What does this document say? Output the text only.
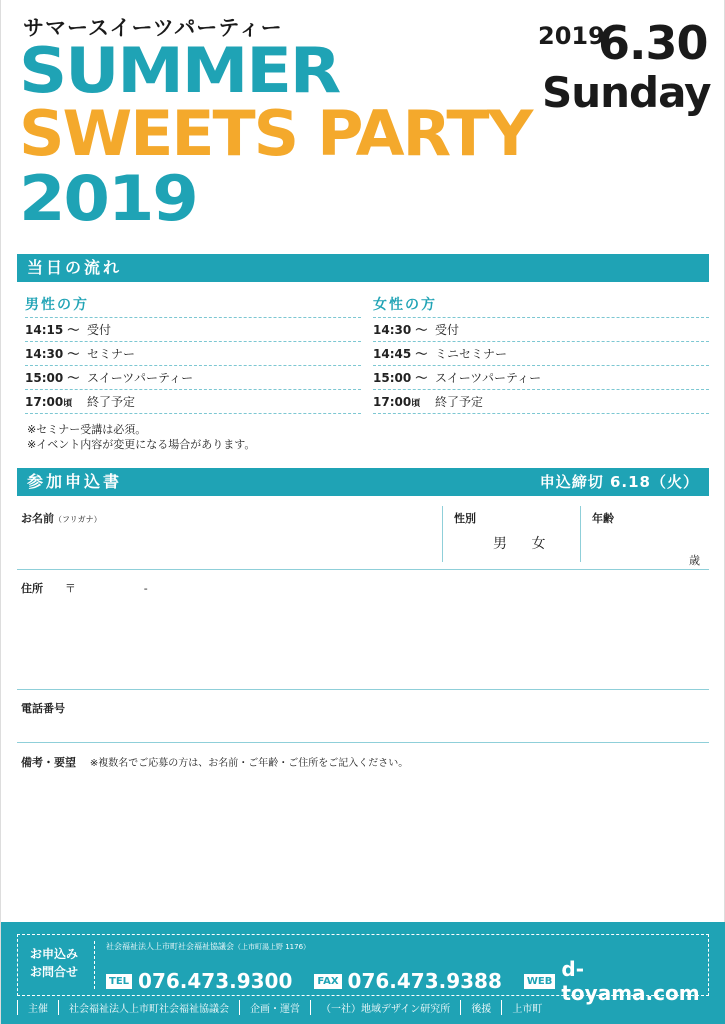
サマースイーツパーティー
SUMMER
SWEETS PARTY
2019
2019
6.30
Sunday
当日の流れ
男性の方
14:15 〜 受付
14:30 〜 セミナー
15:00 〜 スイーツパーティー
17:00頃	終了予定
女性の方
14:30 〜 受付
14:45 〜 ミニセミナー
15:00 〜 スイーツパーティー
17:00頃	終了予定
※セミナー受講は必須。
※イベント内容が変更になる場合があります。
参加申込書	申込締切 6.18（火）
お名前（フリガナ）	性別
男 女
年齢
歳
住所 〒	-
電話番号
備考・要望 ※複数名でご応募の方は、お名前・ご年齢・ご住所をご記入ください。
お申込み
お問合せ
社会福祉法人上市町社会福祉協議会（上市町湯上野 1176）
TEL 076.473.9300	FAX 076.473.9388	WEB d-toyama.com
主催	社会福祉法人上市町社会福祉協議会	企画・運営	（一社）地域デザイン研究所	後援	上市町
